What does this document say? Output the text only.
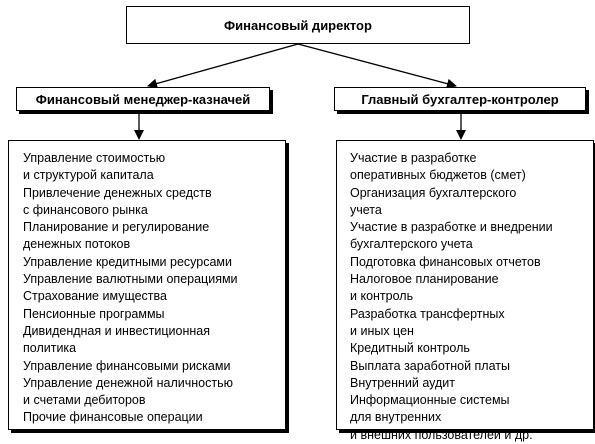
Финансовый директор
Финансовый менеджер-казначей	Главный бухгалтер-контролер
Управление стоимостью
и структурой капитала
Привлечение денежных средств
с финансового рынка
Планирование и регулирование
денежных потоков
Управление кредитными ресурсами
Управление валютными операциями
Страхование имущества
Пенсионные программы
Дивидендная и инвестиционная
политика
Управление финансовыми рисками
Управление денежной наличностью
и счетами дебиторов
Прочие финансовые операции
Участие в разработке
оперативных бюджетов (смет)
Организация бухгалтерского
учета
Участие в разработке и внедрении
бухгалтерского учета
Подготовка финансовых отчетов
Налоговое планирование
и контроль
Разработка трансфертных
и иных цен
Кредитный контроль
Выплата заработной платы
Внутренний аудит
Информационные системы
для внутренних
и внешних пользователей и др.
